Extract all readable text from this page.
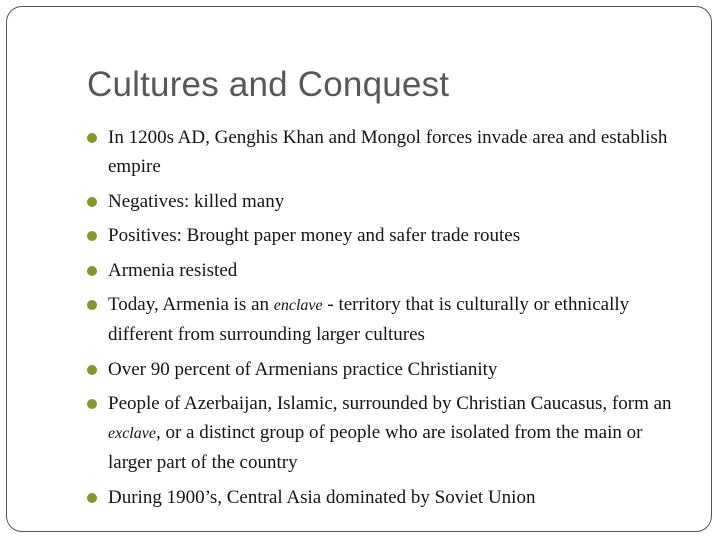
Cultures and Conquest
In 1200s AD, Genghis Khan and Mongol forces invade area and establish empire
Negatives: killed many
Positives: Brought paper money and safer trade routes
Armenia resisted
Today, Armenia is an enclave - territory that is culturally or ethnically different from surrounding larger cultures
Over 90 percent of Armenians practice Christianity
People of Azerbaijan, Islamic, surrounded by Christian Caucasus, form an exclave, or a distinct group of people who are isolated from the main or larger part of the country
During 1900’s, Central Asia dominated by Soviet Union
